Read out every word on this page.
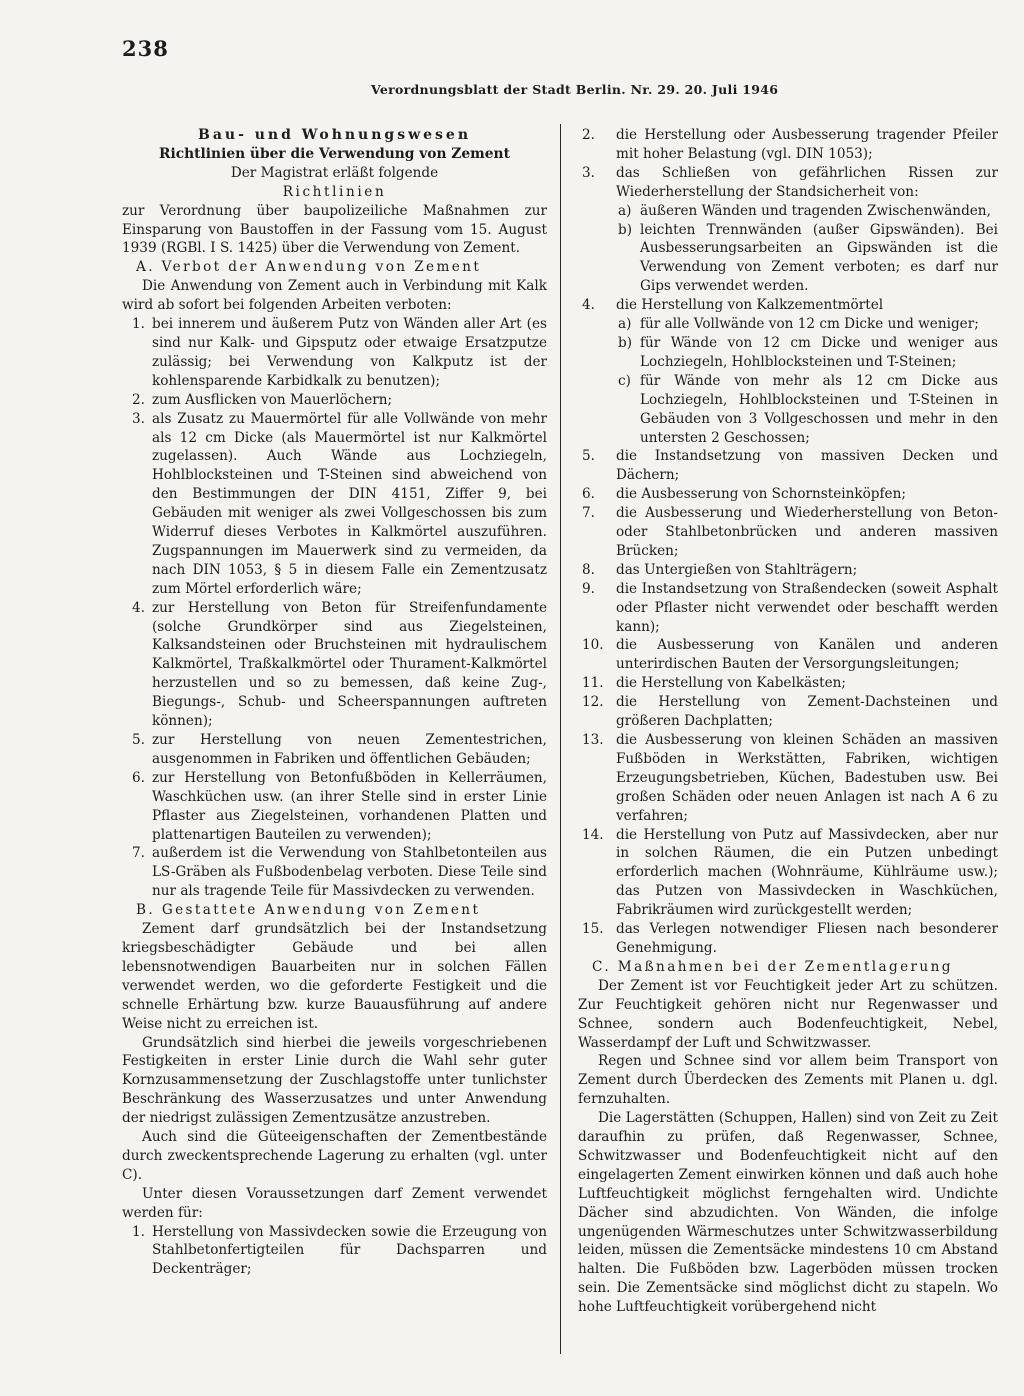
238
Verordnungsblatt der Stadt Berlin. Nr. 29. 20. Juli 1946

Bau- und Wohnungswesen

Richtlinien über die Verwendung von Zement

Der Magistrat erläßt folgende

Richtlinien

zur Verordnung über baupolizeiliche Maßnahmen zur Einsparung von Baustoffen in der Fassung vom 15. August 1939 (RGBl. I S. 1425) über die Verwendung von Zement.

A. Verbot der Anwendung von Zement

Die Anwendung von Zement auch in Verbindung mit Kalk wird ab sofort bei folgenden Arbeiten verboten:

1. bei innerem und äußerem Putz von Wänden aller Art (es sind nur Kalk- und Gipsputz oder etwaige Ersatzputze zulässig; bei Verwendung von Kalkputz ist der kohlensparende Karbidkalk zu benutzen);
2. zum Ausflicken von Mauerlöchern;
3. als Zusatz zu Mauermörtel für alle Vollwände von mehr als 12 cm Dicke (als Mauermörtel ist nur Kalkmörtel zugelassen). Auch Wände aus Lochziegeln, Hohlblocksteinen und T-Steinen sind abweichend von den Bestimmungen der DIN 4151, Ziffer 9, bei Gebäuden mit weniger als zwei Vollgeschossen bis zum Widerruf dieses Verbotes in Kalkmörtel auszuführen. Zugspannungen im Mauerwerk sind zu vermeiden, da nach DIN 1053, § 5 in diesem Falle ein Zementzusatz zum Mörtel erforderlich wäre;
4. zur Herstellung von Beton für Streifenfundamente (solche Grundkörper sind aus Ziegelsteinen, Kalksandsteinen oder Bruchsteinen mit hydraulischem Kalkmörtel, Traßkalkmörtel oder Thurament-Kalkmörtel herzustellen und so zu bemessen, daß keine Zug-, Biegungs-, Schub- und Scheerspannungen auftreten können);
5. zur Herstellung von neuen Zementestrichen, ausgenommen in Fabriken und öffentlichen Gebäuden;
6. zur Herstellung von Betonfußböden in Kellerräumen, Waschküchen usw. (an ihrer Stelle sind in erster Linie Pflaster aus Ziegelsteinen, vorhandenen Platten und plattenartigen Bauteilen zu verwenden);
7. außerdem ist die Verwendung von Stahlbetonteilen aus LS-Gräben als Fußbodenbelag verboten. Diese Teile sind nur als tragende Teile für Massivdecken zu verwenden.

B. Gestattete Anwendung von Zement

Zement darf grundsätzlich bei der Instandsetzung kriegsbeschädigter Gebäude und bei allen lebensnotwendigen Bauarbeiten nur in solchen Fällen verwendet werden, wo die geforderte Festigkeit und die schnelle Erhärtung bzw. kurze Bauausführung auf andere Weise nicht zu erreichen ist.

Grundsätzlich sind hierbei die jeweils vorgeschriebenen Festigkeiten in erster Linie durch die Wahl sehr guter Kornzusammensetzung der Zuschlagstoffe unter tunlichster Beschränkung des Wasserzusatzes und unter Anwendung der niedrigst zulässigen Zementzusätze anzustreben.

Auch sind die Güteeigenschaften der Zementbestände durch zweckentsprechende Lagerung zu erhalten (vgl. unter C).

Unter diesen Voraussetzungen darf Zement verwendet werden für:

1. Herstellung von Massivdecken sowie die Erzeugung von Stahlbetonfertigteilen für Dachsparren und Deckenträger;
2.	die Herstellung oder Ausbesserung tragender Pfeiler mit hoher Belastung (vgl. DIN 1053);
3.	das Schließen von gefährlichen Rissen zur Wiederherstellung der Standsicherheit von:
a) äußeren Wänden und tragenden Zwischenwänden,
b) leichten Trennwänden (außer Gipswänden). Bei Ausbesserungsarbeiten an Gipswänden ist die Verwendung von Zement verboten; es darf nur Gips verwendet werden.
4.	die Herstellung von Kalkzementmörtel
a) für alle Vollwände von 12 cm Dicke und weniger;
b) für Wände von 12 cm Dicke und weniger aus Lochziegeln, Hohlblocksteinen und T-Steinen;
c) für Wände von mehr als 12 cm Dicke aus Lochziegeln, Hohlblocksteinen und T-Steinen in Gebäuden von 3 Vollgeschossen und mehr in den untersten 2 Geschossen;
5.	die Instandsetzung von massiven Decken und Dächern;
6.	die Ausbesserung von Schornsteinköpfen;
7.	die Ausbesserung und Wiederherstellung von Beton- oder Stahlbetonbrücken und anderen massiven Brücken;
8.	das Untergießen von Stahlträgern;
9.	die Instandsetzung von Straßendecken (soweit Asphalt oder Pflaster nicht verwendet oder beschafft werden kann);
10. die Ausbesserung von Kanälen und anderen unterirdischen Bauten der Versorgungsleitungen;
11. die Herstellung von Kabelkästen;
12. die Herstellung von Zement-Dachsteinen und größeren Dachplatten;
13. die Ausbesserung von kleinen Schäden an massiven Fußböden in Werkstätten, Fabriken, wichtigen Erzeugungsbetrieben, Küchen, Badestuben usw. Bei großen Schäden oder neuen Anlagen ist nach A 6 zu verfahren;
14. die Herstellung von Putz auf Massivdecken, aber nur in solchen Räumen, die ein Putzen unbedingt erforderlich machen (Wohnräume, Kühlräume usw.); das Putzen von Massivdecken in Waschküchen, Fabrikräumen wird zurückgestellt werden;
15. das Verlegen notwendiger Fliesen nach besonderer Genehmigung.

C. Maßnahmen bei der Zementlagerung

Der Zement ist vor Feuchtigkeit jeder Art zu schützen. Zur Feuchtigkeit gehören nicht nur Regenwasser und Schnee, sondern auch Bodenfeuchtigkeit, Nebel, Wasserdampf der Luft und Schwitzwasser.

Regen und Schnee sind vor allem beim Transport von Zement durch Überdecken des Zements mit Planen u. dgl. fernzuhalten.

Die Lagerstätten (Schuppen, Hallen) sind von Zeit zu Zeit daraufhin zu prüfen, daß Regenwasser, Schnee, Schwitzwasser und Bodenfeuchtigkeit nicht auf den eingelagerten Zement einwirken können und daß auch hohe Luftfeuchtigkeit möglichst ferngehalten wird. Undichte Dächer sind abzudichten. Von Wänden, die infolge ungenügenden Wärmeschutzes unter Schwitzwasserbildung leiden, müssen die Zementsäcke mindestens 10 cm Abstand halten. Die Fußböden bzw. Lagerböden müssen trocken sein. Die Zementsäcke sind möglichst dicht zu stapeln. Wo hohe Luftfeuchtigkeit vorübergehend nicht
